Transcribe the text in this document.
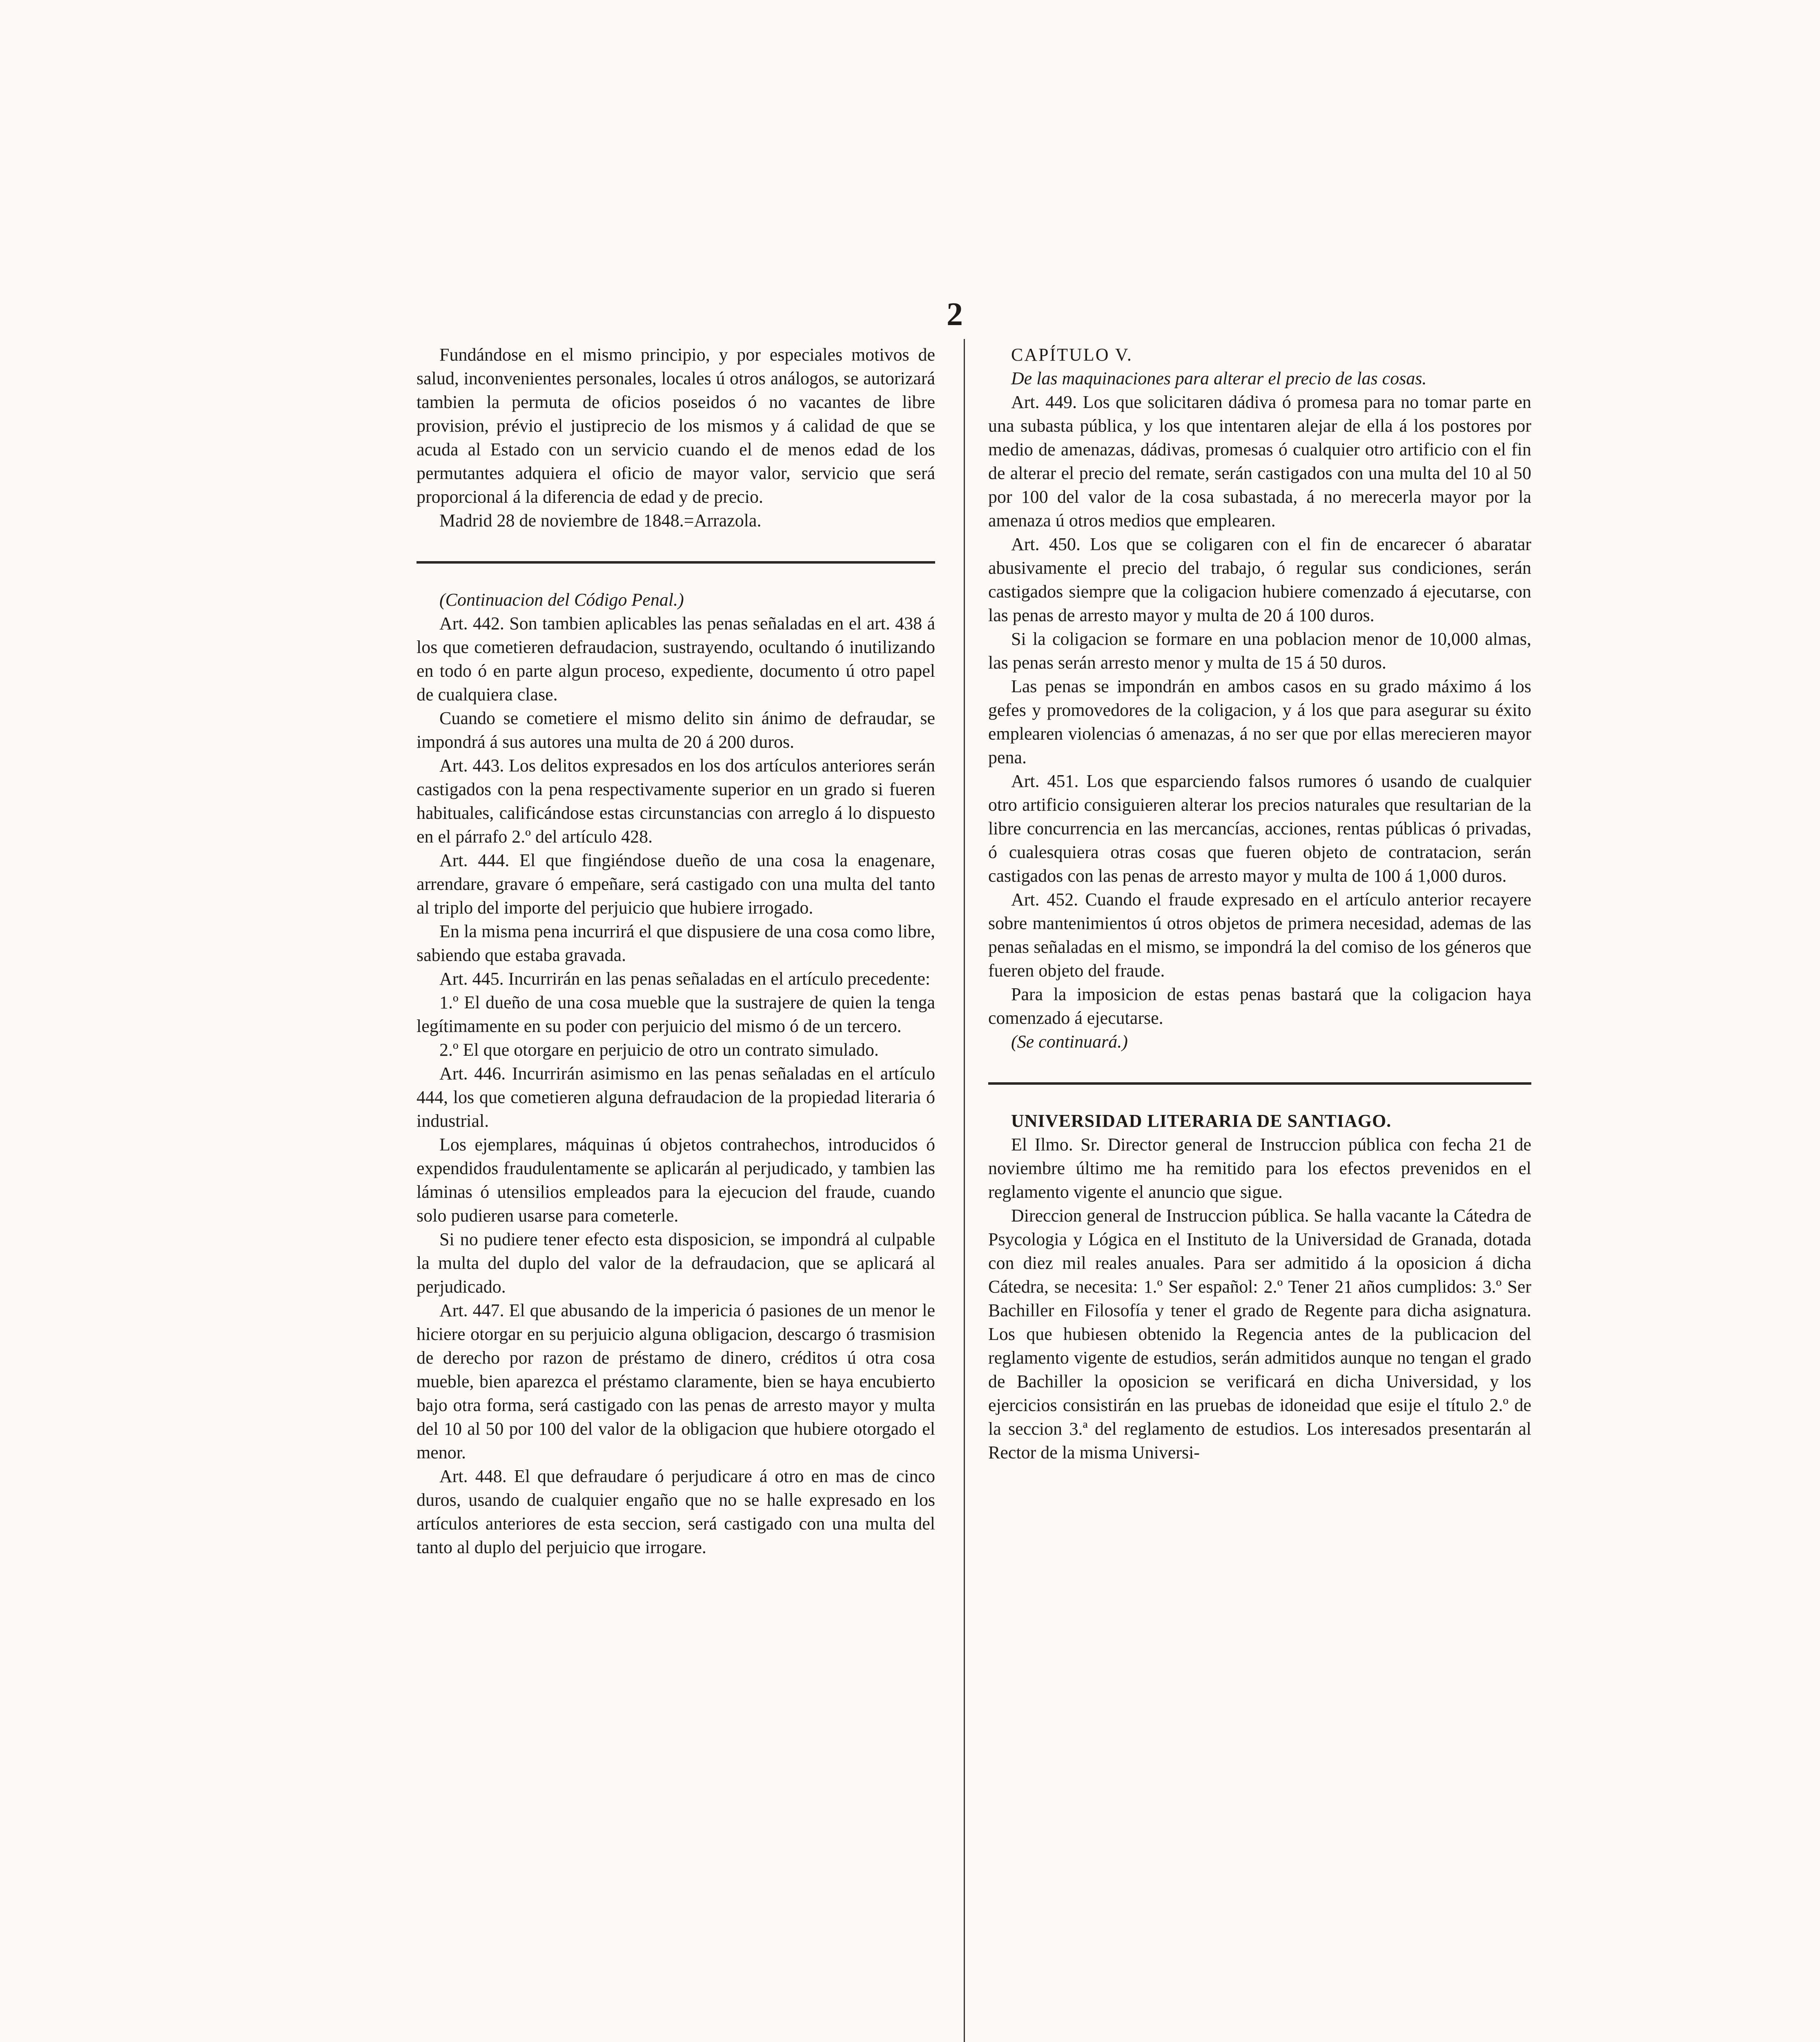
2

Fundándose en el mismo principio, y por especiales motivos de salud, inconvenientes personales, locales ú otros análogos, se autorizará tambien la permuta de oficios poseidos ó no vacantes de libre provision, prévio el justiprecio de los mismos y á calidad de que se acuda al Estado con un servicio cuando el de menos edad de los permutantes adquiera el oficio de mayor valor, servicio que será proporcional á la diferencia de edad y de precio.

Madrid 28 de noviembre de 1848.=Arrazola.

(Continuacion del Código Penal.)

Art. 442. Son tambien aplicables las penas señaladas en el art. 438 á los que cometieren defraudacion, sustrayendo, ocultando ó inutilizando en todo ó en parte algun proceso, expediente, documento ú otro papel de cualquiera clase.

Cuando se cometiere el mismo delito sin ánimo de defraudar, se impondrá á sus autores una multa de 20 á 200 duros.

Art. 443. Los delitos expresados en los dos artículos anteriores serán castigados con la pena respectivamente superior en un grado si fueren habituales, calificándose estas circunstancias con arreglo á lo dispuesto en el párrafo 2.º del artículo 428.

Art. 444. El que fingiéndose dueño de una cosa la enagenare, arrendare, gravare ó empeñare, será castigado con una multa del tanto al triplo del importe del perjuicio que hubiere irrogado.

En la misma pena incurrirá el que dispusiere de una cosa como libre, sabiendo que estaba gravada.

Art. 445. Incurrirán en las penas señaladas en el artículo precedente:

1.º El dueño de una cosa mueble que la sustrajere de quien la tenga legítimamente en su poder con perjuicio del mismo ó de un tercero.

2.º El que otorgare en perjuicio de otro un contrato simulado.

Art. 446. Incurrirán asimismo en las penas señaladas en el artículo 444, los que cometieren alguna defraudacion de la propiedad literaria ó industrial.

Los ejemplares, máquinas ú objetos contrahechos, introducidos ó expendidos fraudulentamente se aplicarán al perjudicado, y tambien las láminas ó utensilios empleados para la ejecucion del fraude, cuando solo pudieren usarse para cometerle.

Si no pudiere tener efecto esta disposicion, se impondrá al culpable la multa del duplo del valor de la defraudacion, que se aplicará al perjudicado.

Art. 447. El que abusando de la impericia ó pasiones de un menor le hiciere otorgar en su perjuicio alguna obligacion, descargo ó trasmision de derecho por razon de préstamo de dinero, créditos ú otra cosa mueble, bien aparezca el préstamo claramente, bien se haya encubierto bajo otra forma, será castigado con las penas de arresto mayor y multa del 10 al 50 por 100 del valor de la obligacion que hubiere otorgado el menor.

Art. 448. El que defraudare ó perjudicare á otro en mas de cinco duros, usando de cualquier engaño que no se halle expresado en los artículos anteriores de esta seccion, será castigado con una multa del tanto al duplo del perjuicio que irrogare.

CAPÍTULO V.

De las maquinaciones para alterar el precio de las cosas.

Art. 449. Los que solicitaren dádiva ó promesa para no tomar parte en una subasta pública, y los que intentaren alejar de ella á los postores por medio de amenazas, dádivas, promesas ó cualquier otro artificio con el fin de alterar el precio del remate, serán castigados con una multa del 10 al 50 por 100 del valor de la cosa subastada, á no merecerla mayor por la amenaza ú otros medios que emplearen.

Art. 450. Los que se coligaren con el fin de encarecer ó abaratar abusivamente el precio del trabajo, ó regular sus condiciones, serán castigados siempre que la coligacion hubiere comenzado á ejecutarse, con las penas de arresto mayor y multa de 20 á 100 duros.

Si la coligacion se formare en una poblacion menor de 10,000 almas, las penas serán arresto menor y multa de 15 á 50 duros.

Las penas se impondrán en ambos casos en su grado máximo á los gefes y promovedores de la coligacion, y á los que para asegurar su éxito emplearen violencias ó amenazas, á no ser que por ellas merecieren mayor pena.

Art. 451. Los que esparciendo falsos rumores ó usando de cualquier otro artificio consiguieren alterar los precios naturales que resultarian de la libre concurrencia en las mercancías, acciones, rentas públicas ó privadas, ó cualesquiera otras cosas que fueren objeto de contratacion, serán castigados con las penas de arresto mayor y multa de 100 á 1,000 duros.

Art. 452. Cuando el fraude expresado en el artículo anterior recayere sobre mantenimientos ú otros objetos de primera necesidad, ademas de las penas señaladas en el mismo, se impondrá la del comiso de los géneros que fueren objeto del fraude.

Para la imposicion de estas penas bastará que la coligacion haya comenzado á ejecutarse.

(Se continuará.)

UNIVERSIDAD LITERARIA DE SANTIAGO.

El Ilmo. Sr. Director general de Instruccion pública con fecha 21 de noviembre último me ha remitido para los efectos prevenidos en el reglamento vigente el anuncio que sigue.

Direccion general de Instruccion pública. Se halla vacante la Cátedra de Psycologia y Lógica en el Instituto de la Universidad de Granada, dotada con diez mil reales anuales. Para ser admitido á la oposicion á dicha Cátedra, se necesita: 1.º Ser español: 2.º Tener 21 años cumplidos: 3.º Ser Bachiller en Filosofía y tener el grado de Regente para dicha asignatura. Los que hubiesen obtenido la Regencia antes de la publicacion del reglamento vigente de estudios, serán admitidos aunque no tengan el grado de Bachiller la oposicion se verificará en dicha Universidad, y los ejercicios consistirán en las pruebas de idoneidad que esije el título 2.º de la seccion 3.ª del reglamento de estudios. Los interesados presentarán al Rector de la misma Universi-
